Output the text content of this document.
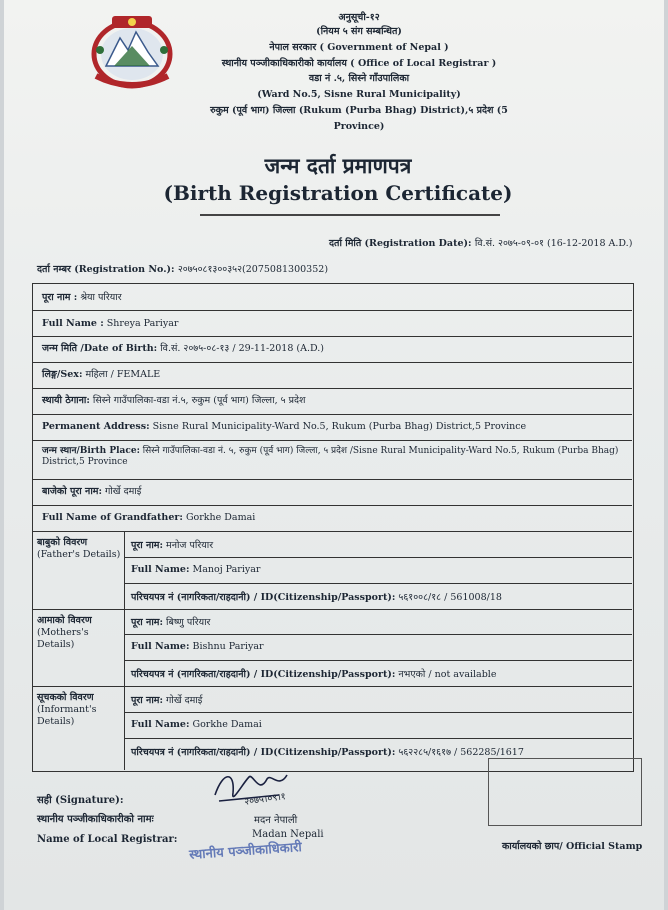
अनुसूची-१२
(नियम ५ संग सम्बन्धित)
नेपाल सरकार ( Government of Nepal )
स्थानीय पञ्जीकाधिकारीको कार्यालय ( Office of Local Registrar )
वडा नं .५, सिस्ने गाँउपालिका
(Ward No.5, Sisne Rural Municipality)
रुकुम (पूर्व भाग) जिल्ला (Rukum (Purba Bhag) District),५ प्रदेश (5
Province)
जन्म दर्ता प्रमाणपत्र
(Birth Registration Certificate)
दर्ता मिति (Registration Date): वि.सं. २०७५-०९-०१ (16-12-2018 A.D.)
दर्ता नम्बर (Registration No.): २०७५०८१३००३५२(2075081300352)
पूरा नाम : श्रेया परियार
Full Name : Shreya Pariyar
जन्म मिति /Date of Birth: वि.सं. २०७५-०८-१३ / 29-11-2018 (A.D.)
लिङ्ग/Sex: महिला / FEMALE
स्थायी ठेगाना: सिस्ने गाउँपालिका-वडा नं.५, रुकुम (पूर्व भाग) जिल्ला, ५ प्रदेश
Permanent Address: Sisne Rural Municipality-Ward No.5, Rukum (Purba Bhag) District,5 Province
जन्म स्थान/Birth Place: सिस्ने गाउँपालिका-वडा नं. ५, रुकुम (पूर्व भाग) जिल्ला, ५ प्रदेश /Sisne Rural Municipality-Ward No.5, Rukum (Purba Bhag) District,5 Province
बाजेको पूरा नाम: गोर्खे दमाई
Full Name of Grandfather: Gorkhe Damai
बाबुको विवरण
(Father's Details)
पूरा नाम: मनोज परियार
Full Name: Manoj Pariyar
परिचयपत्र नं (नागरिकता/राहदानी) / ID(Citizenship/Passport): ५६१००८/१८ / 561008/18
आमाको विवरण
(Mothers's Details)
पूरा नाम: बिष्णु परियार
Full Name: Bishnu Pariyar
परिचयपत्र नं (नागरिकता/राहदानी) / ID(Citizenship/Passport): नभएको / not available
सूचकको विवरण
(Informant's Details)
पूरा नाम: गोर्खे दमाई
Full Name: Gorkhe Damai
परिचयपत्र नं (नागरिकता/राहदानी) / ID(Citizenship/Passport): ५६२२८५/१६१७ / 562285/1617
सही (Signature):
स्थानीय पञ्जीकाधिकारीको नामः
Name of Local Registrar:
२०७५।०९।१
मदन नेपाली
Madan Nepali
स्थानीय पञ्जीकाधिकारी	कार्यालयको छाप/ Official Stamp
